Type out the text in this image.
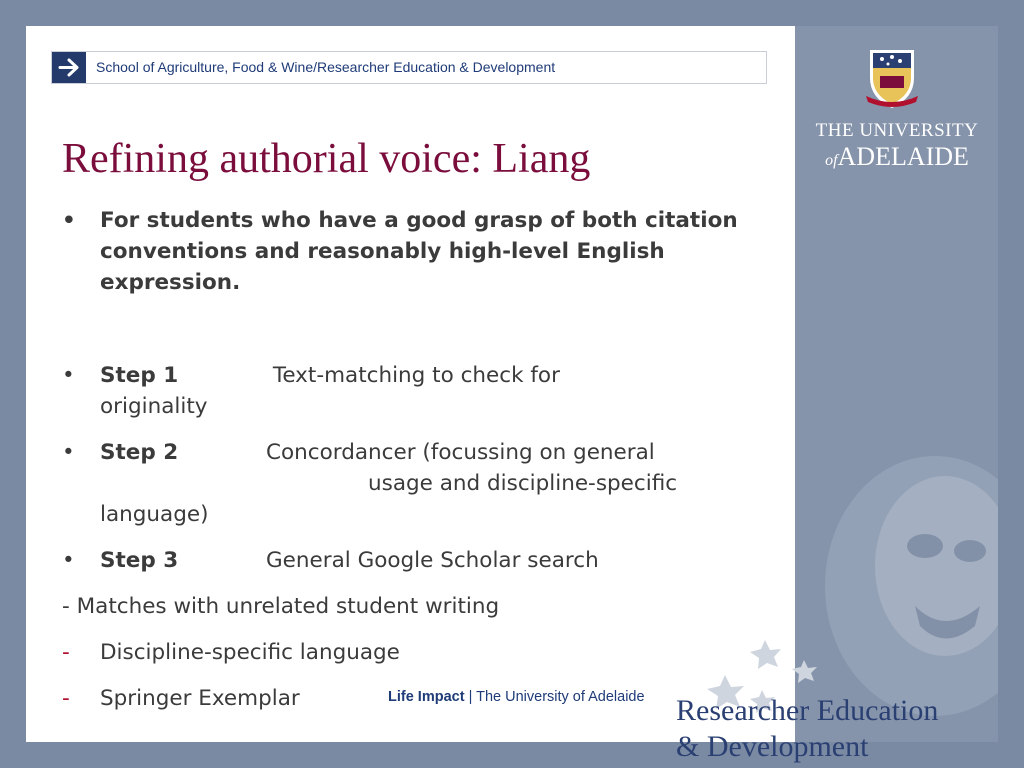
THE UNIVERSITY
ofADELAIDE
School of Agriculture, Food & Wine/Researcher Education & Development
Refining authorial voice: Liang
• For students who have a good grasp of both citation conventions and reasonably high-level English expression.
•	Step 1	Text-matching to check for
originality
•	Step 2	Concordancer (focussing on general
usage and discipline-specific
language)
•	Step 3	General Google Scholar search
- Matches with unrelated student writing
- Discipline-specific language
- Springer Exemplar	Life Impact | The University of Adelaide Researcher Education
& Development
